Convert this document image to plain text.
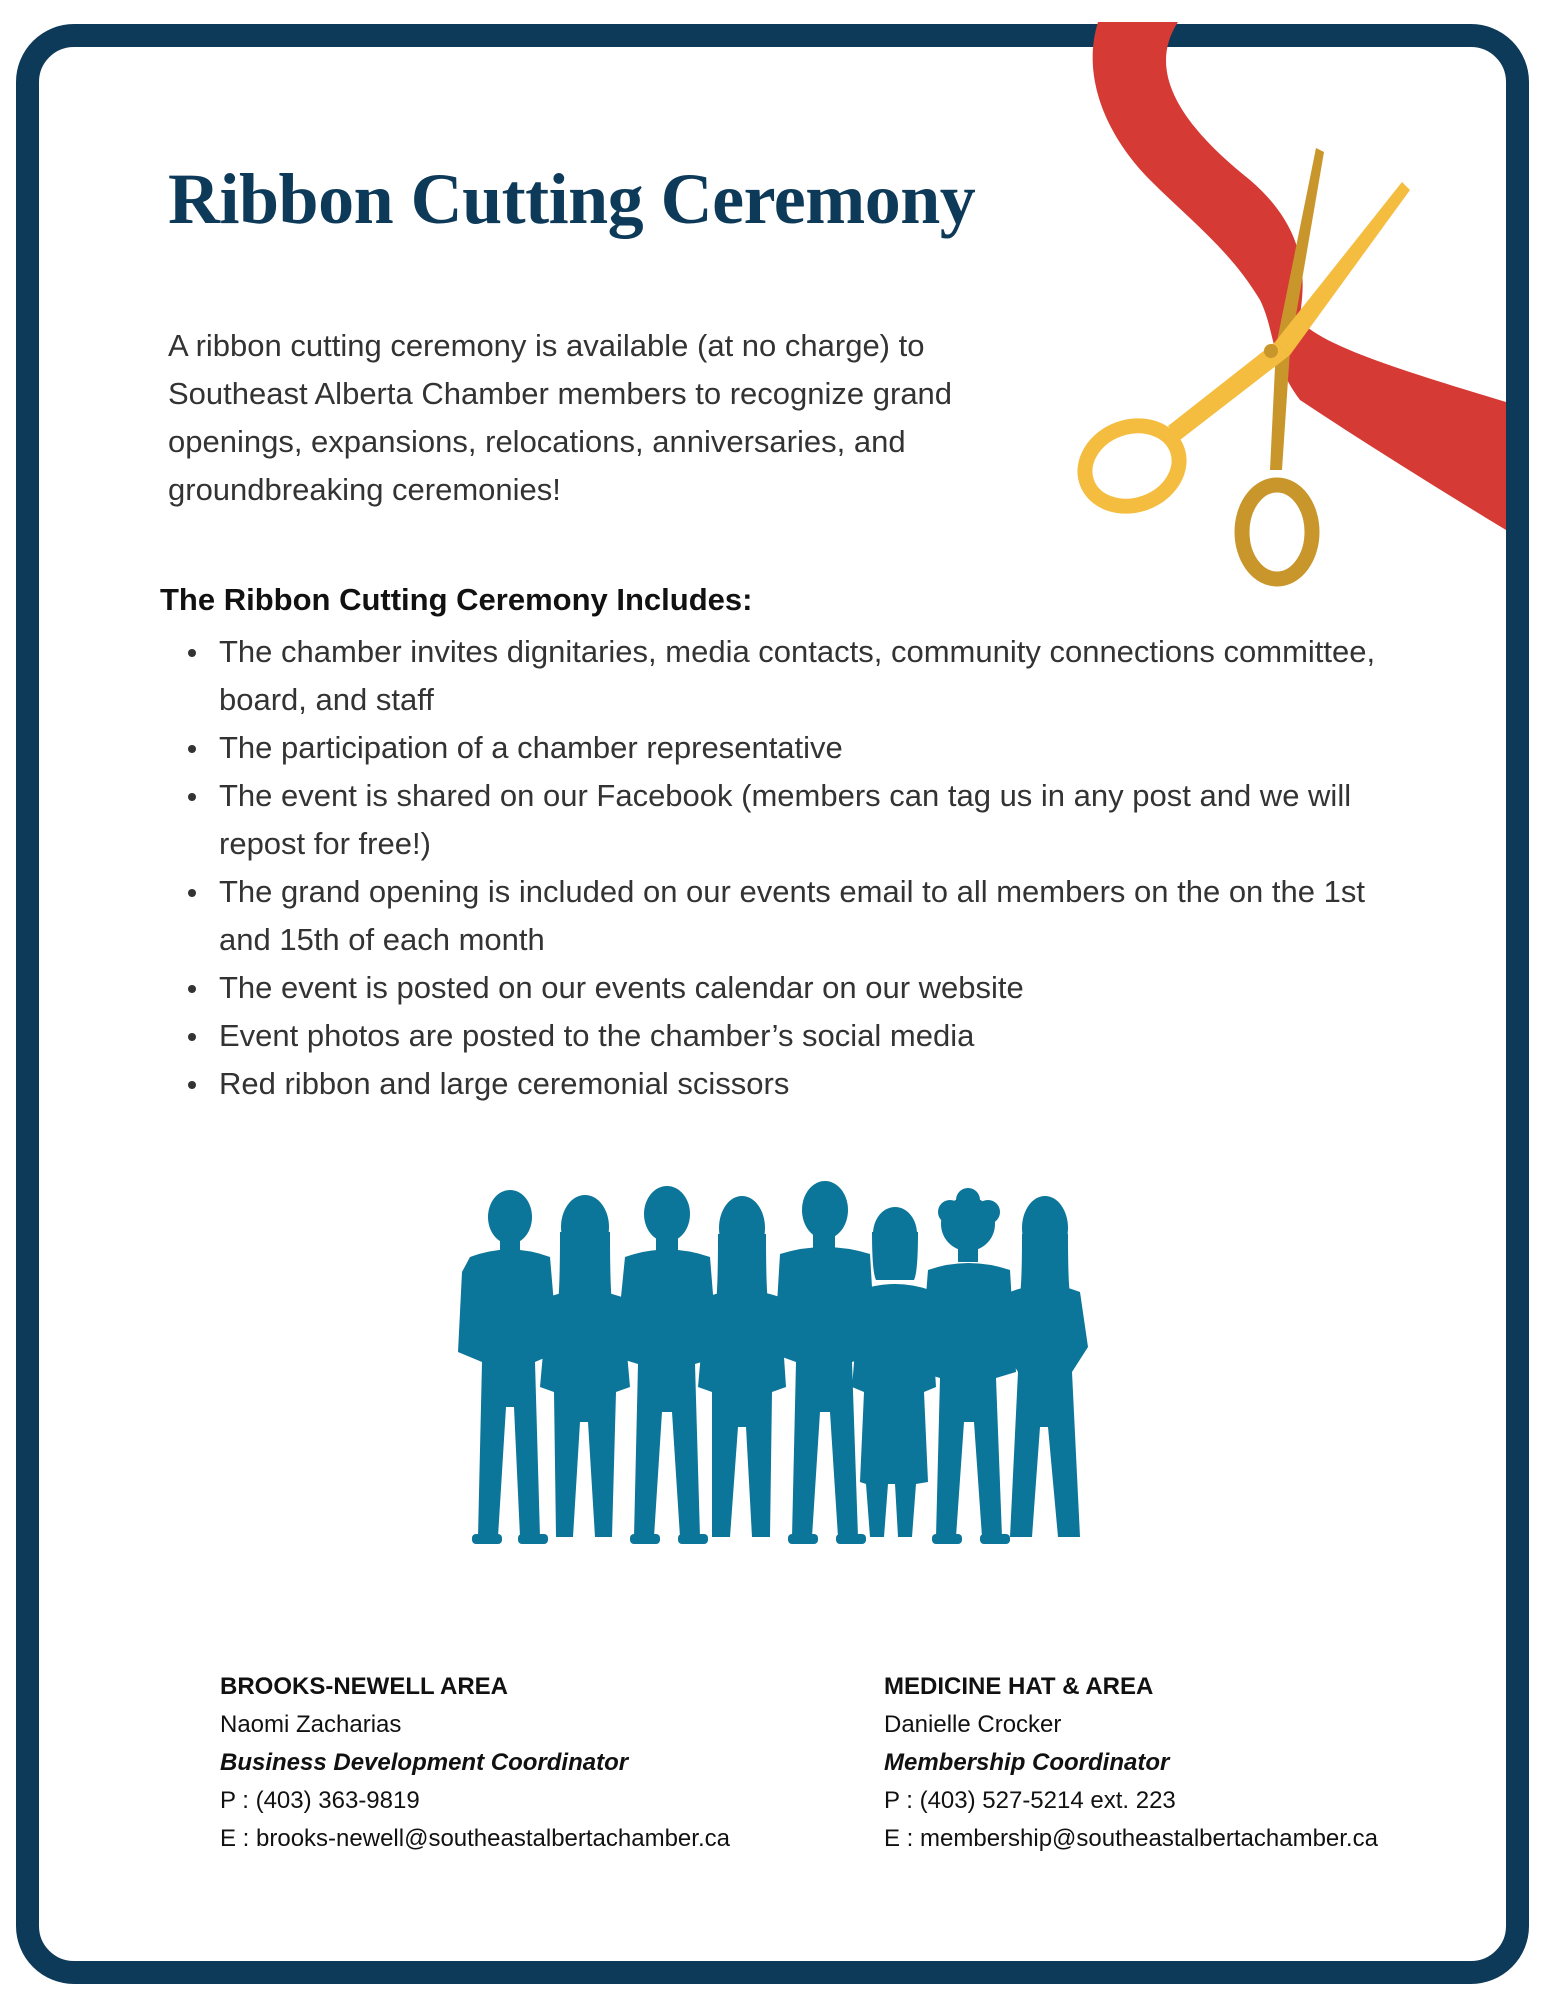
Ribbon Cutting Ceremony

A ribbon cutting ceremony is available (at no charge) to Southeast Alberta Chamber members to recognize grand openings, expansions, relocations, anniversaries, and groundbreaking ceremonies!

The Ribbon Cutting Ceremony Includes:
The chamber invites dignitaries, media contacts, community connections committee, board, and staff
The participation of a chamber representative
The event is shared on our Facebook (members can tag us in any post and we will repost for free!)
The grand opening is included on our events email to all members on the on the 1st and 15th of each month
The event is posted on our events calendar on our website
Event photos are posted to the chamber’s social media
Red ribbon and large ceremonial scissors
BROOKS-NEWELL AREA
Naomi Zacharias
Business Development Coordinator
P : (403) 363-9819
E : brooks-newell@southeastalbertachamber.ca
MEDICINE HAT & AREA
Danielle Crocker
Membership Coordinator
P : (403) 527-5214 ext. 223
E : membership@southeastalbertachamber.ca
